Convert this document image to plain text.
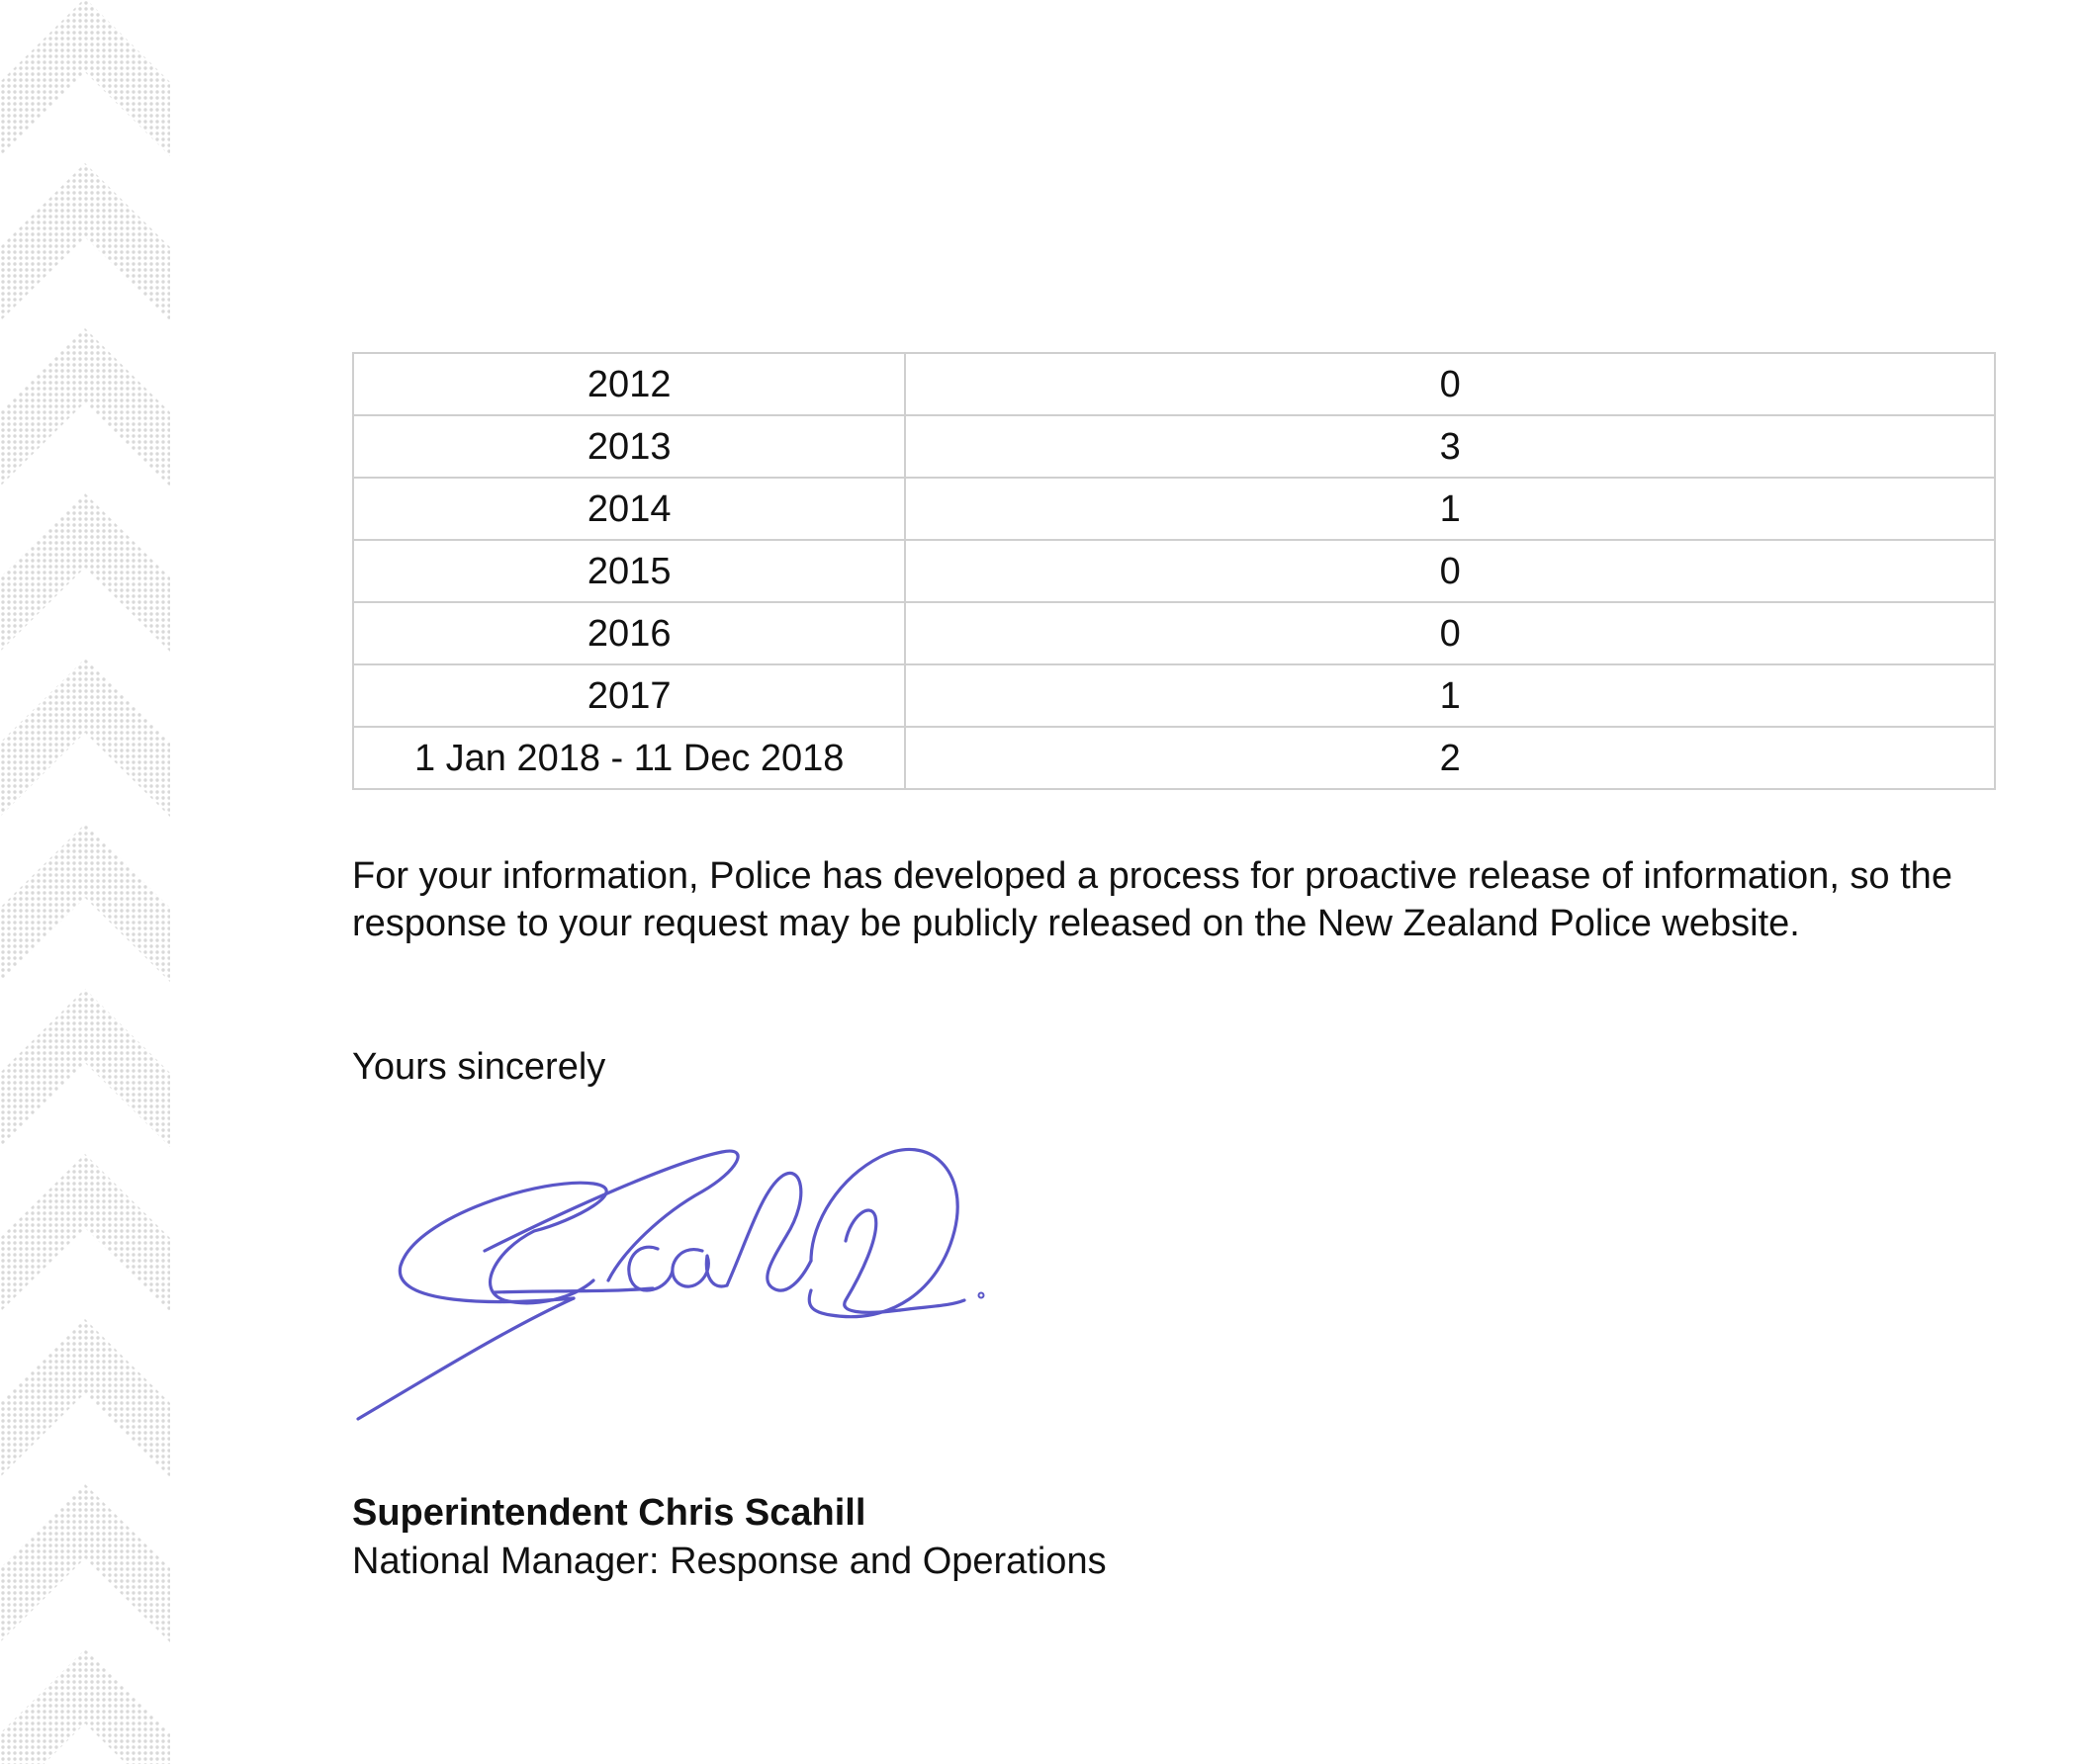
2012	0
2013	3
2014	1
2015	0
2016	0
2017	1
1 Jan 2018 - 11 Dec 2018	2

For your information, Police has developed a process for proactive release of information, so the response to your request may be publicly released on the New Zealand Police website.

Yours sincerely

Superintendent Chris Scahill

National Manager: Response and Operations
